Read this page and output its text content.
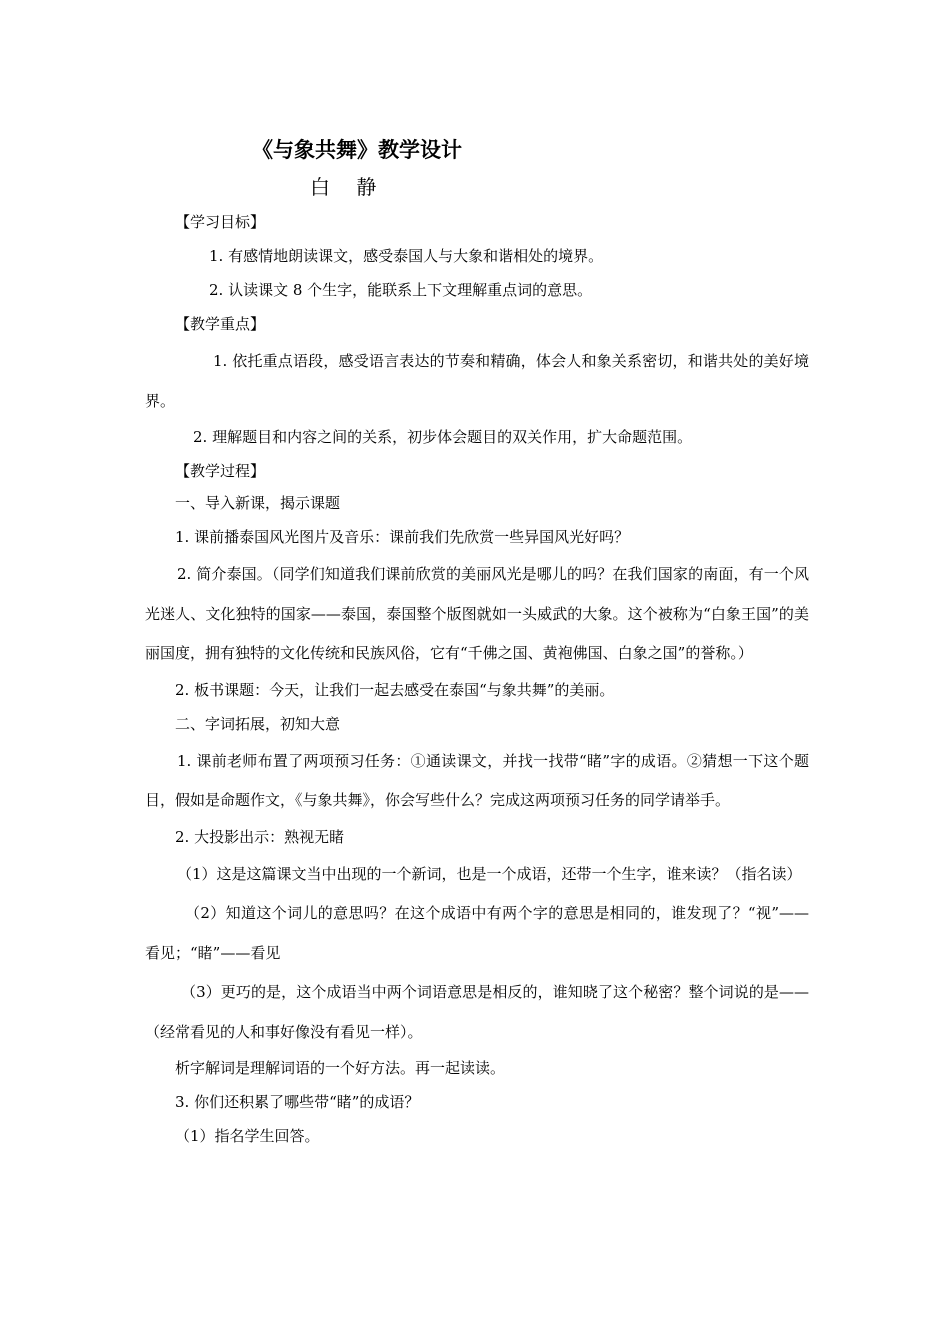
《与象共舞》教学设计
白 静

【学习目标】

1. 有感情地朗读课文，感受泰国人与大象和谐相处的境界。

2. 认读课文 8 个生字，能联系上下文理解重点词的意思。

【教学重点】

1. 依托重点语段，感受语言表达的节奏和精确，体会人和象关系密切，和谐共处的美好境界。

2. 理解题目和内容之间的关系，初步体会题目的双关作用，扩大命题范围。

【教学过程】

一、导入新课，揭示课题

1. 课前播泰国风光图片及音乐：课前我们先欣赏一些异国风光好吗？

2. 简介泰国。（同学们知道我们课前欣赏的美丽风光是哪儿的吗？在我们国家的南面，有一个风光迷人、文化独特的国家——泰国，泰国整个版图就如一头威武的大象。这个被称为“白象王国”的美丽国度，拥有独特的文化传统和民族风俗，它有“千佛之国、黄袍佛国、白象之国”的誉称。）

2. 板书课题：今天，让我们一起去感受在泰国“与象共舞”的美丽。

二、字词拓展，初知大意

1. 课前老师布置了两项预习任务：①通读课文，并找一找带“睹”字的成语。②猜想一下这个题目，假如是命题作文，《与象共舞》，你会写些什么？完成这两项预习任务的同学请举手。

2. 大投影出示：熟视无睹

（1）这是这篇课文当中出现的一个新词，也是一个成语，还带一个生字，谁来读？（指名读）

（2）知道这个词儿的意思吗？在这个成语中有两个字的意思是相同的，谁发现了？“视”——看见；“睹”——看见

（3）更巧的是，这个成语当中两个词语意思是相反的，谁知晓了这个秘密？整个词说的是——（经常看见的人和事好像没有看见一样）。

析字解词是理解词语的一个好方法。再一起读读。

3. 你们还积累了哪些带“睹”的成语？

（1）指名学生回答。
